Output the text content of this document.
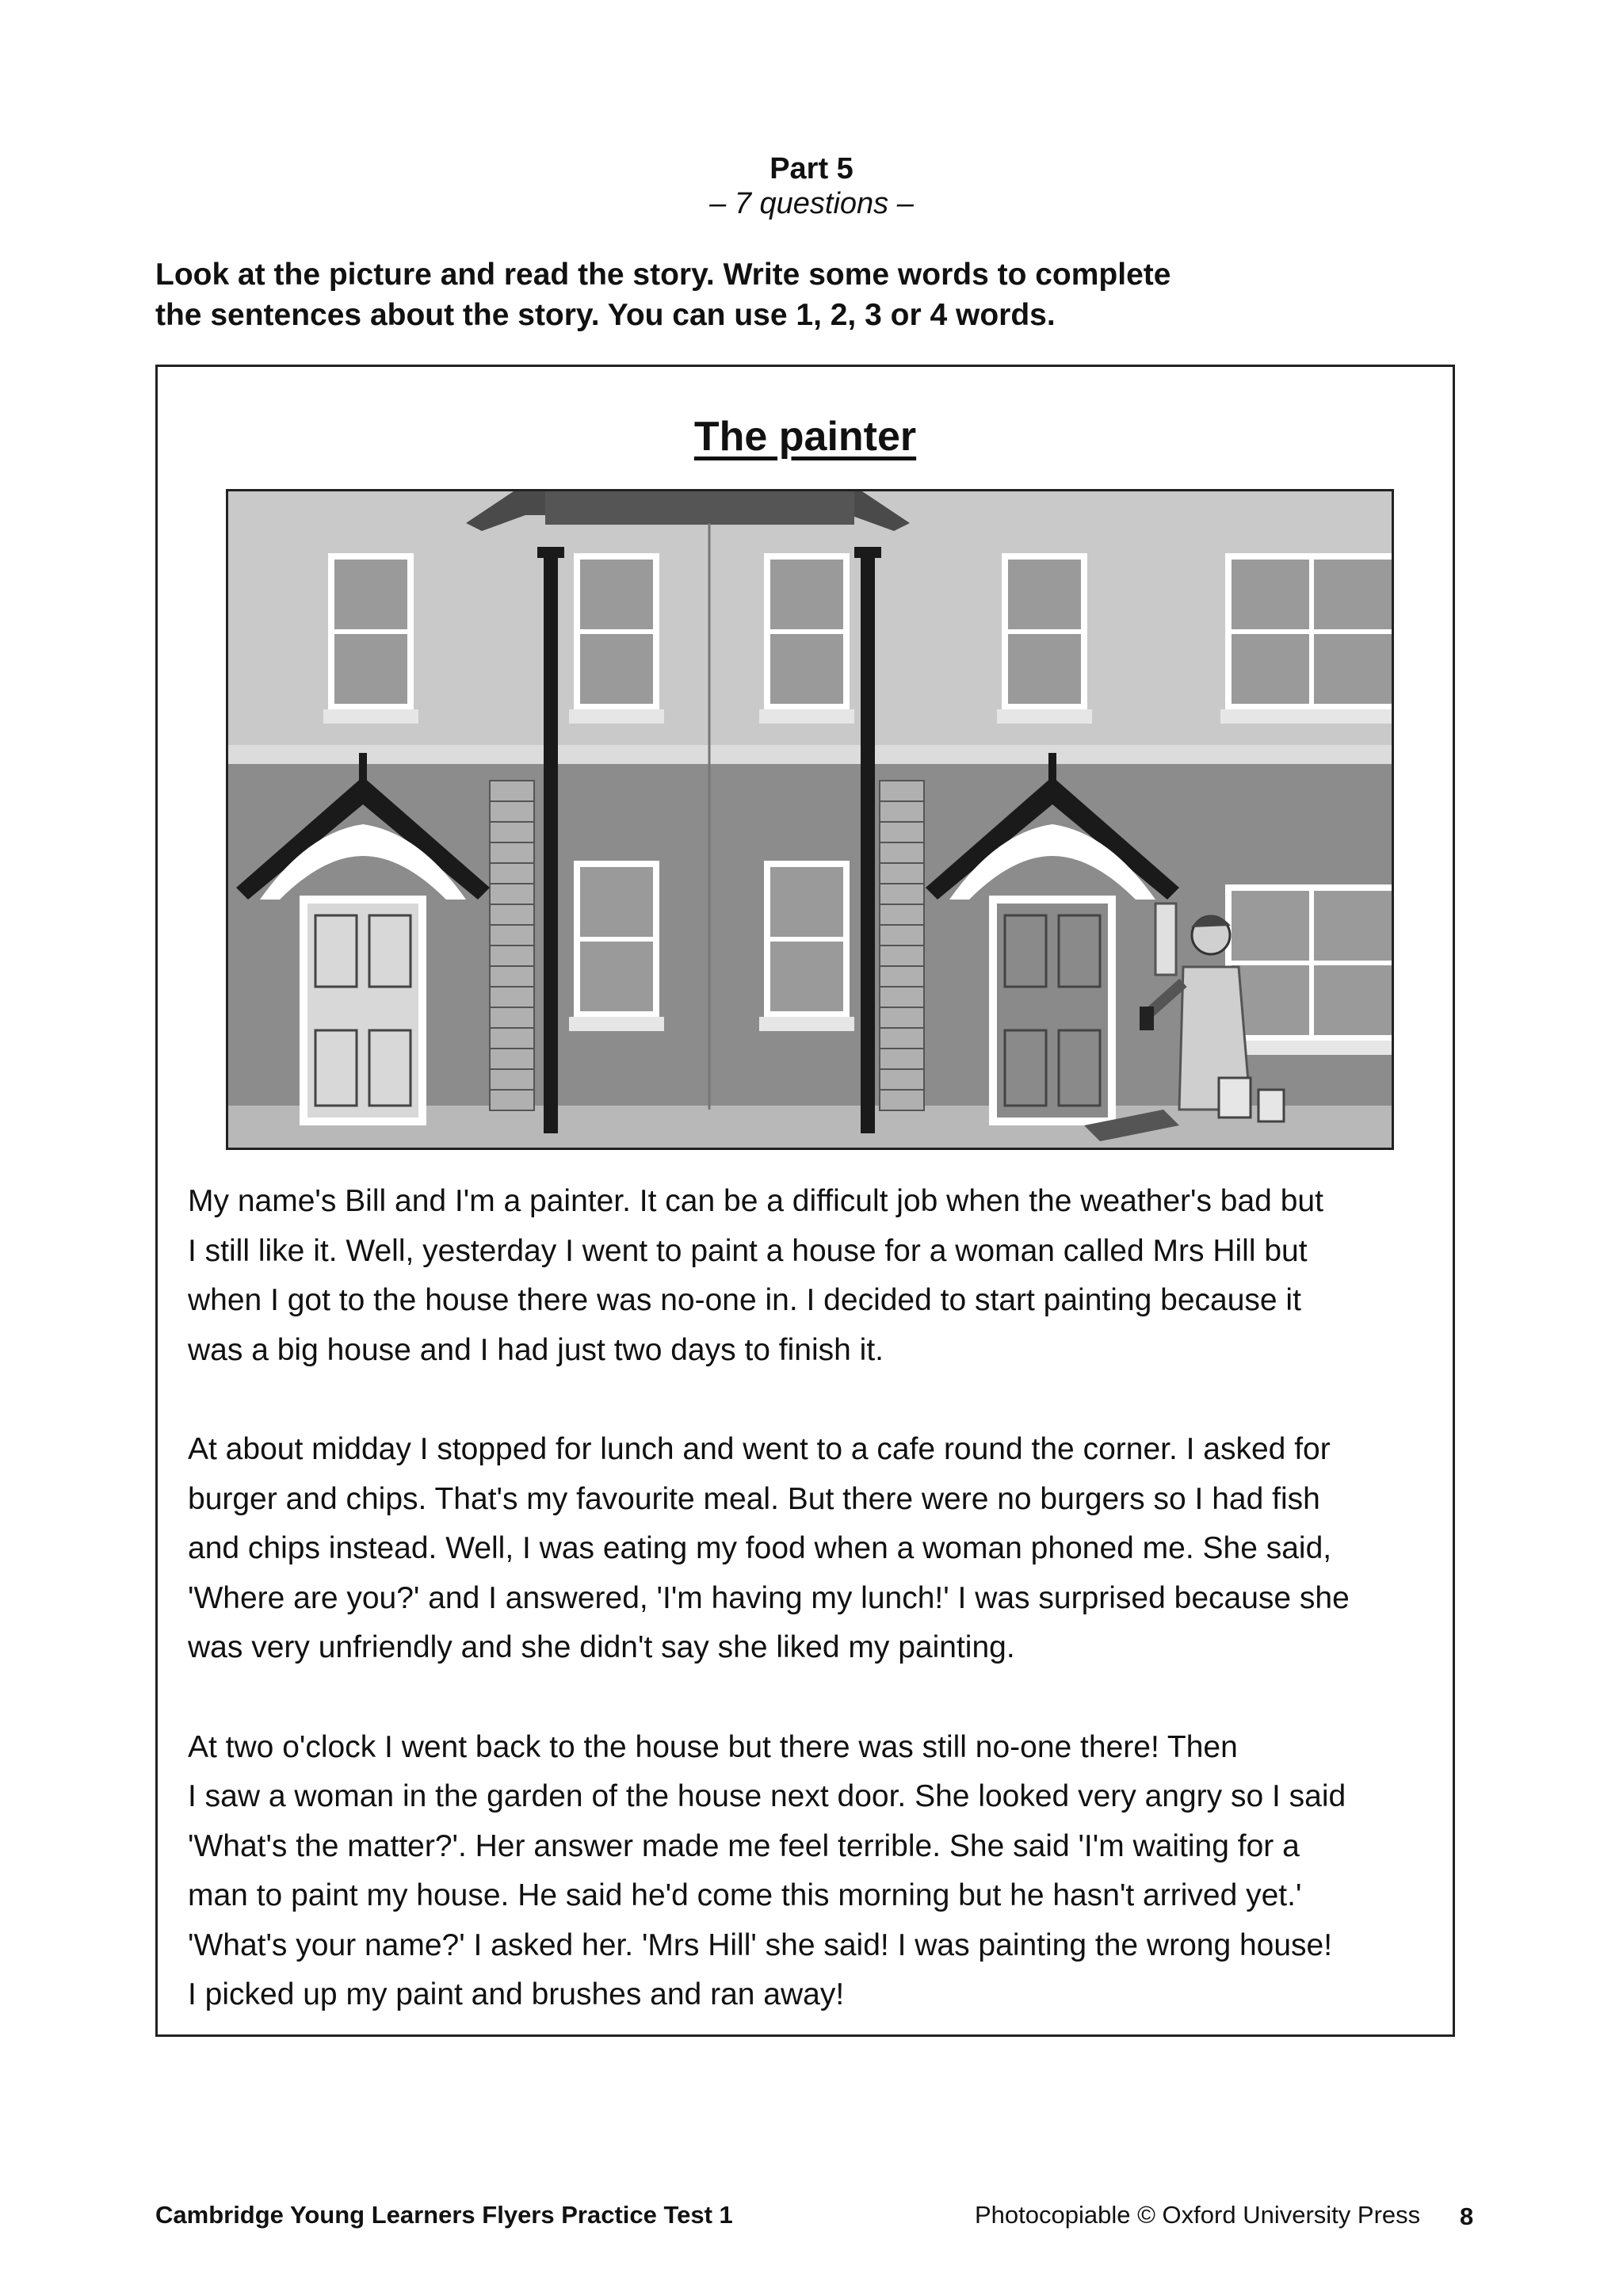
Part 5
– 7 questions –
Look at the picture and read the story. Write some words to complete
the sentences about the story. You can use 1, 2, 3 or 4 words.
The painter

My name's Bill and I'm a painter. It can be a difficult job when the weather's bad but
I still like it. Well, yesterday I went to paint a house for a woman called Mrs Hill but
when I got to the house there was no-one in. I decided to start painting because it
was a big house and I had just two days to finish it.

At about midday I stopped for lunch and went to a cafe round the corner. I asked for
burger and chips. That's my favourite meal. But there were no burgers so I had fish
and chips instead. Well, I was eating my food when a woman phoned me. She said,
'Where are you?' and I answered, 'I'm having my lunch!' I was surprised because she
was very unfriendly and she didn't say she liked my painting.

At two o'clock I went back to the house but there was still no-one there! Then
I saw a woman in the garden of the house next door. She looked very angry so I said
'What's the matter?'. Her answer made me feel terrible. She said 'I'm waiting for a
man to paint my house. He said he'd come this morning but he hasn't arrived yet.'
'What's your name?' I asked her. 'Mrs Hill' she said! I was painting the wrong house!
I picked up my paint and brushes and ran away!

Cambridge Young Learners Flyers Practice Test 1	Photocopiable © Oxford University Press 8
